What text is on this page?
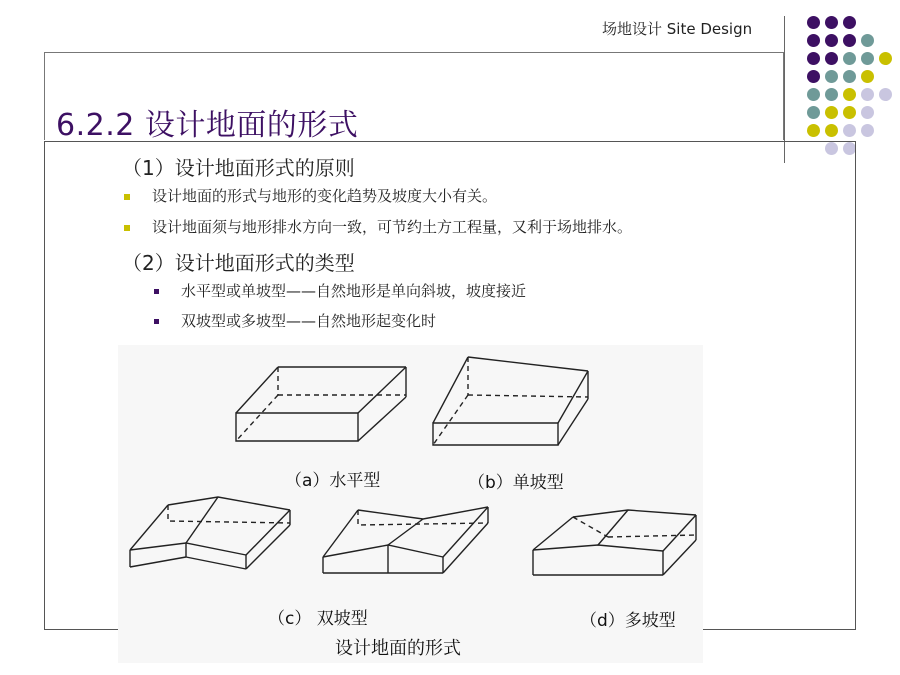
场地设计 Site Design
6.2.2 设计地面的形式
（1）设计地面形式的原则
设计地面的形式与地形的变化趋势及坡度大小有关。
设计地面须与地形排水方向一致，可节约土方工程量，又利于场地排水。
（2）设计地面形式的类型
水平型或单坡型——自然地形是单向斜坡，坡度接近
双坡型或多坡型——自然地形起变化时
（a）水平型	（b）单坡型
（c） 双坡型	（d）多坡型
设计地面的形式
